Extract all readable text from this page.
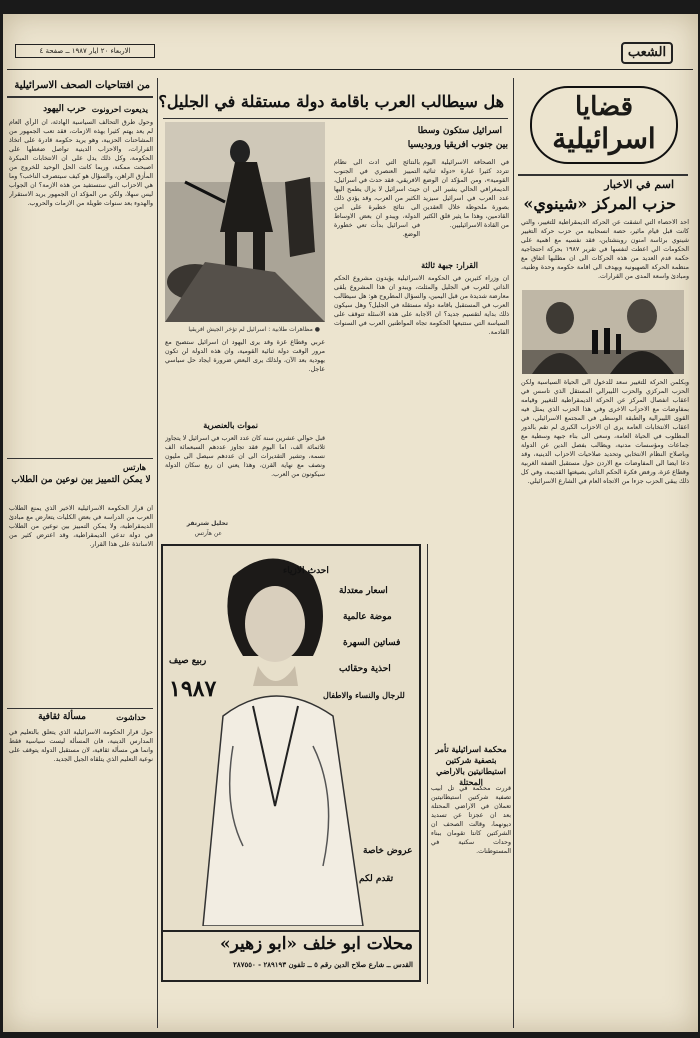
الشعب
الاربعاء ٢٠ ايار ١٩٨٧ ــ صفحة ٤
قضايا
اسرائيلية
اسم في الاخبار
حزب المركز «شينوي»
احد الاحصاء التي انشقت عن الحركة الديمقراطية للتغيير، والتي كانت قبل قيام مائير، حصة انسحابية من حزب حركة التغيير شينوي برئاسة امنون روبنشتاين، فقد نفسيه مع اهمية على الحكومات الي اعطت لنفسها في تقرير ١٩٨٧ بحركة احتجاجية حكمة قدم العديد من هذه الحركات الى ان مطلبها اتفاق مع منظمة الحركة الصهيونية ويهدف الى اقامة حكومة وحدة وطنية، ومبادئ واسعة المدى من القرارات.
وبكلمن الحركة للتغيير سعد للدخول الى الحياة السياسية ولكن الحزب المركزي والحزب الليبرالي المستقل الذي تاسس في اعقاب انفصال المركز عن الحركة الديمقراطية للتغيير وقيامه بمفاوضات مع الاحزاب الاخرى وفي هذا الحزب الذي يمثل فيه القوى الليبرالية والطبقة الوسطى في المجتمع الاسرائيلي، في اعقاب الانتخابات العامة يرى ان الاحزاب الكبرى لم تقم بالدور المطلوب في الحياة العامة، وسعى الى بناء جبهة وسطية مع جماعات ومؤسسات مدنية، ويطالب بفصل الدين عن الدولة وباصلاح النظام الانتخابي وتحديد صلاحيات الاحزاب الدينية، وقد دعا ايضا الى المفاوضات مع الاردن حول مستقبل الضفة الغربية وقطاع غزة، ورفض فكرة الحكم الذاتي بصيغتها القديمة، وفي كل ذلك يبقى الحزب جزءا من الاتجاه العام في الشارع الاسرائيلي.
هل سيطالب العرب باقامة دولة مستقلة في الجليل؟
اسرائيل ستكون وسطا
بين جنوب افريقيا وروديسيا
● مظاهرات طلابية : اسرائيل لم تؤخر الجيش افريقيا
بالنتائج التي ادت الى نظام التمييز العنصري في الجنوب الافريقي، فقد حدث في اسرائيل، حيث اسرائيل لا يزال يطمح اليها الكثير من العرب، وقد يؤدي ذلك الى نتائج خطيرة على امن الدولة، ويبدو ان بعض الاوساط في اسرائيل بدأت تعي خطورة الوضع.
في الصحافة الاسرائيلية اليوم تتردد كثيرا عبارة «دولة ثنائية القومية»، ومن المؤكد ان الوضع الديمغرافي الحالي يشير الى ان عدد العرب في اسرائيل سيزيد بصورة ملحوظة خلال العقدين القادمين، وهذا ما يثير قلق الكثير من القادة الاسرائيليين.
القرار: جبهة ثالثة
ان وزراء كثيرين في الحكومة الاسرائيلية يؤيدون مشروع الحكم الذاتي للعرب في الجليل والمثلث، ويبدو ان هذا المشروع يلقى معارضة شديدة من قبل اليمين، والسؤال المطروح هو: هل سيطالب العرب في المستقبل باقامة دولة مستقلة في الجليل؟ وهل سيكون ذلك بداية لتقسيم جديد؟ ان الاجابة على هذه الاسئلة تتوقف على السياسة التي ستتبعها الحكومة تجاه المواطنين العرب في السنوات القادمة.
عربي وقطاع غزة وقد يرى اليهود ان اسرائيل ستصبح مع مرور الوقت دولة ثنائية القومية، وان هذه الدولة لن تكون يهودية بعد الآن، ولذلك يرى البعض ضرورة ايجاد حل سياسي عاجل.
نموات بالعنصرية
قبل حوالي عشرين سنة كان عدد العرب في اسرائيل لا يتجاوز ثلاثمائة الف، اما اليوم فقد تجاوز عددهم السبعمائة الف نسمة، وتشير التقديرات الى ان عددهم سيصل الى مليون ونصف مع نهاية القرن، وهذا يعني ان ربع سكان الدولة سيكونون من العرب.
تحليل شترنفر
عن هآرتس
محكمة اسرائيلية تأمر بتصفية شركتين استيطانيتين بالاراضي المحتلة
قررت محكمة في تل ابيب تصفية شركتين استيطانيتين تعملان في الاراضي المحتلة بعد ان عجزتا عن تسديد ديونهما، وقالت الصحف ان الشركتين كانتا تقومان ببناء وحدات سكنية في المستوطنات.
احدث الازياء
اسعار معتدلة
موضة عالمية
فساتين السهرة
احذية وحقائب
للرجال والنساء والاطفال
ربيع صيف
١٩٨٧
عروض خاصة
تقدم لكم
محلات ابو خلف «ابو زهير»
القدس ــ شارع صلاح الدين رقم ٥ ــ تلفون ٢٨٩١٩٣ - ٢٨٧٥٥٠
من افتتاحيات الصحف الاسرائيلية
يديعوت احرونوت
حرب اليهود
وحول طرق التحالف السياسية الهادئة، ان الرأي العام لم يعد يهتم كثيرا بهذه الازمات، فقد تعب الجمهور من المشاحنات الحزبية، وهو يريد حكومة قادرة على اتخاذ القرارات، والاحزاب الدينية تواصل ضغطها على الحكومة، وكل ذلك يدل على ان الانتخابات المبكرة اصبحت ممكنة، وربما كانت الحل الوحيد للخروج من المأزق الراهن، والسؤال هو كيف سيتصرف الناخب؟ وما هي الاحزاب التي ستستفيد من هذه الازمة؟ ان الجواب ليس سهلا، ولكن من المؤكد ان الجمهور يريد الاستقرار والهدوء بعد سنوات طويلة من الازمات والحروب.
هارتس
لا يمكن التمييز بين نوعين من الطلاب
ان قرار الحكومة الاسرائيلية الاخير الذي يمنع الطلاب العرب من الدراسة في بعض الكليات يتعارض مع مبادئ الديمقراطية، ولا يمكن التمييز بين نوعين من الطلاب في دولة تدعي الديمقراطية، وقد اعترض كثير من الاساتذة على هذا القرار.
حداشوت
مسألة ثقافية
حول قرار الحكومة الاسرائيلية الذي يتعلق بالتعليم في المدارس الدينية، فان المسألة ليست سياسية فقط وانما هي مسألة ثقافية، لان مستقبل الدولة يتوقف على نوعية التعليم الذي يتلقاه الجيل الجديد.
